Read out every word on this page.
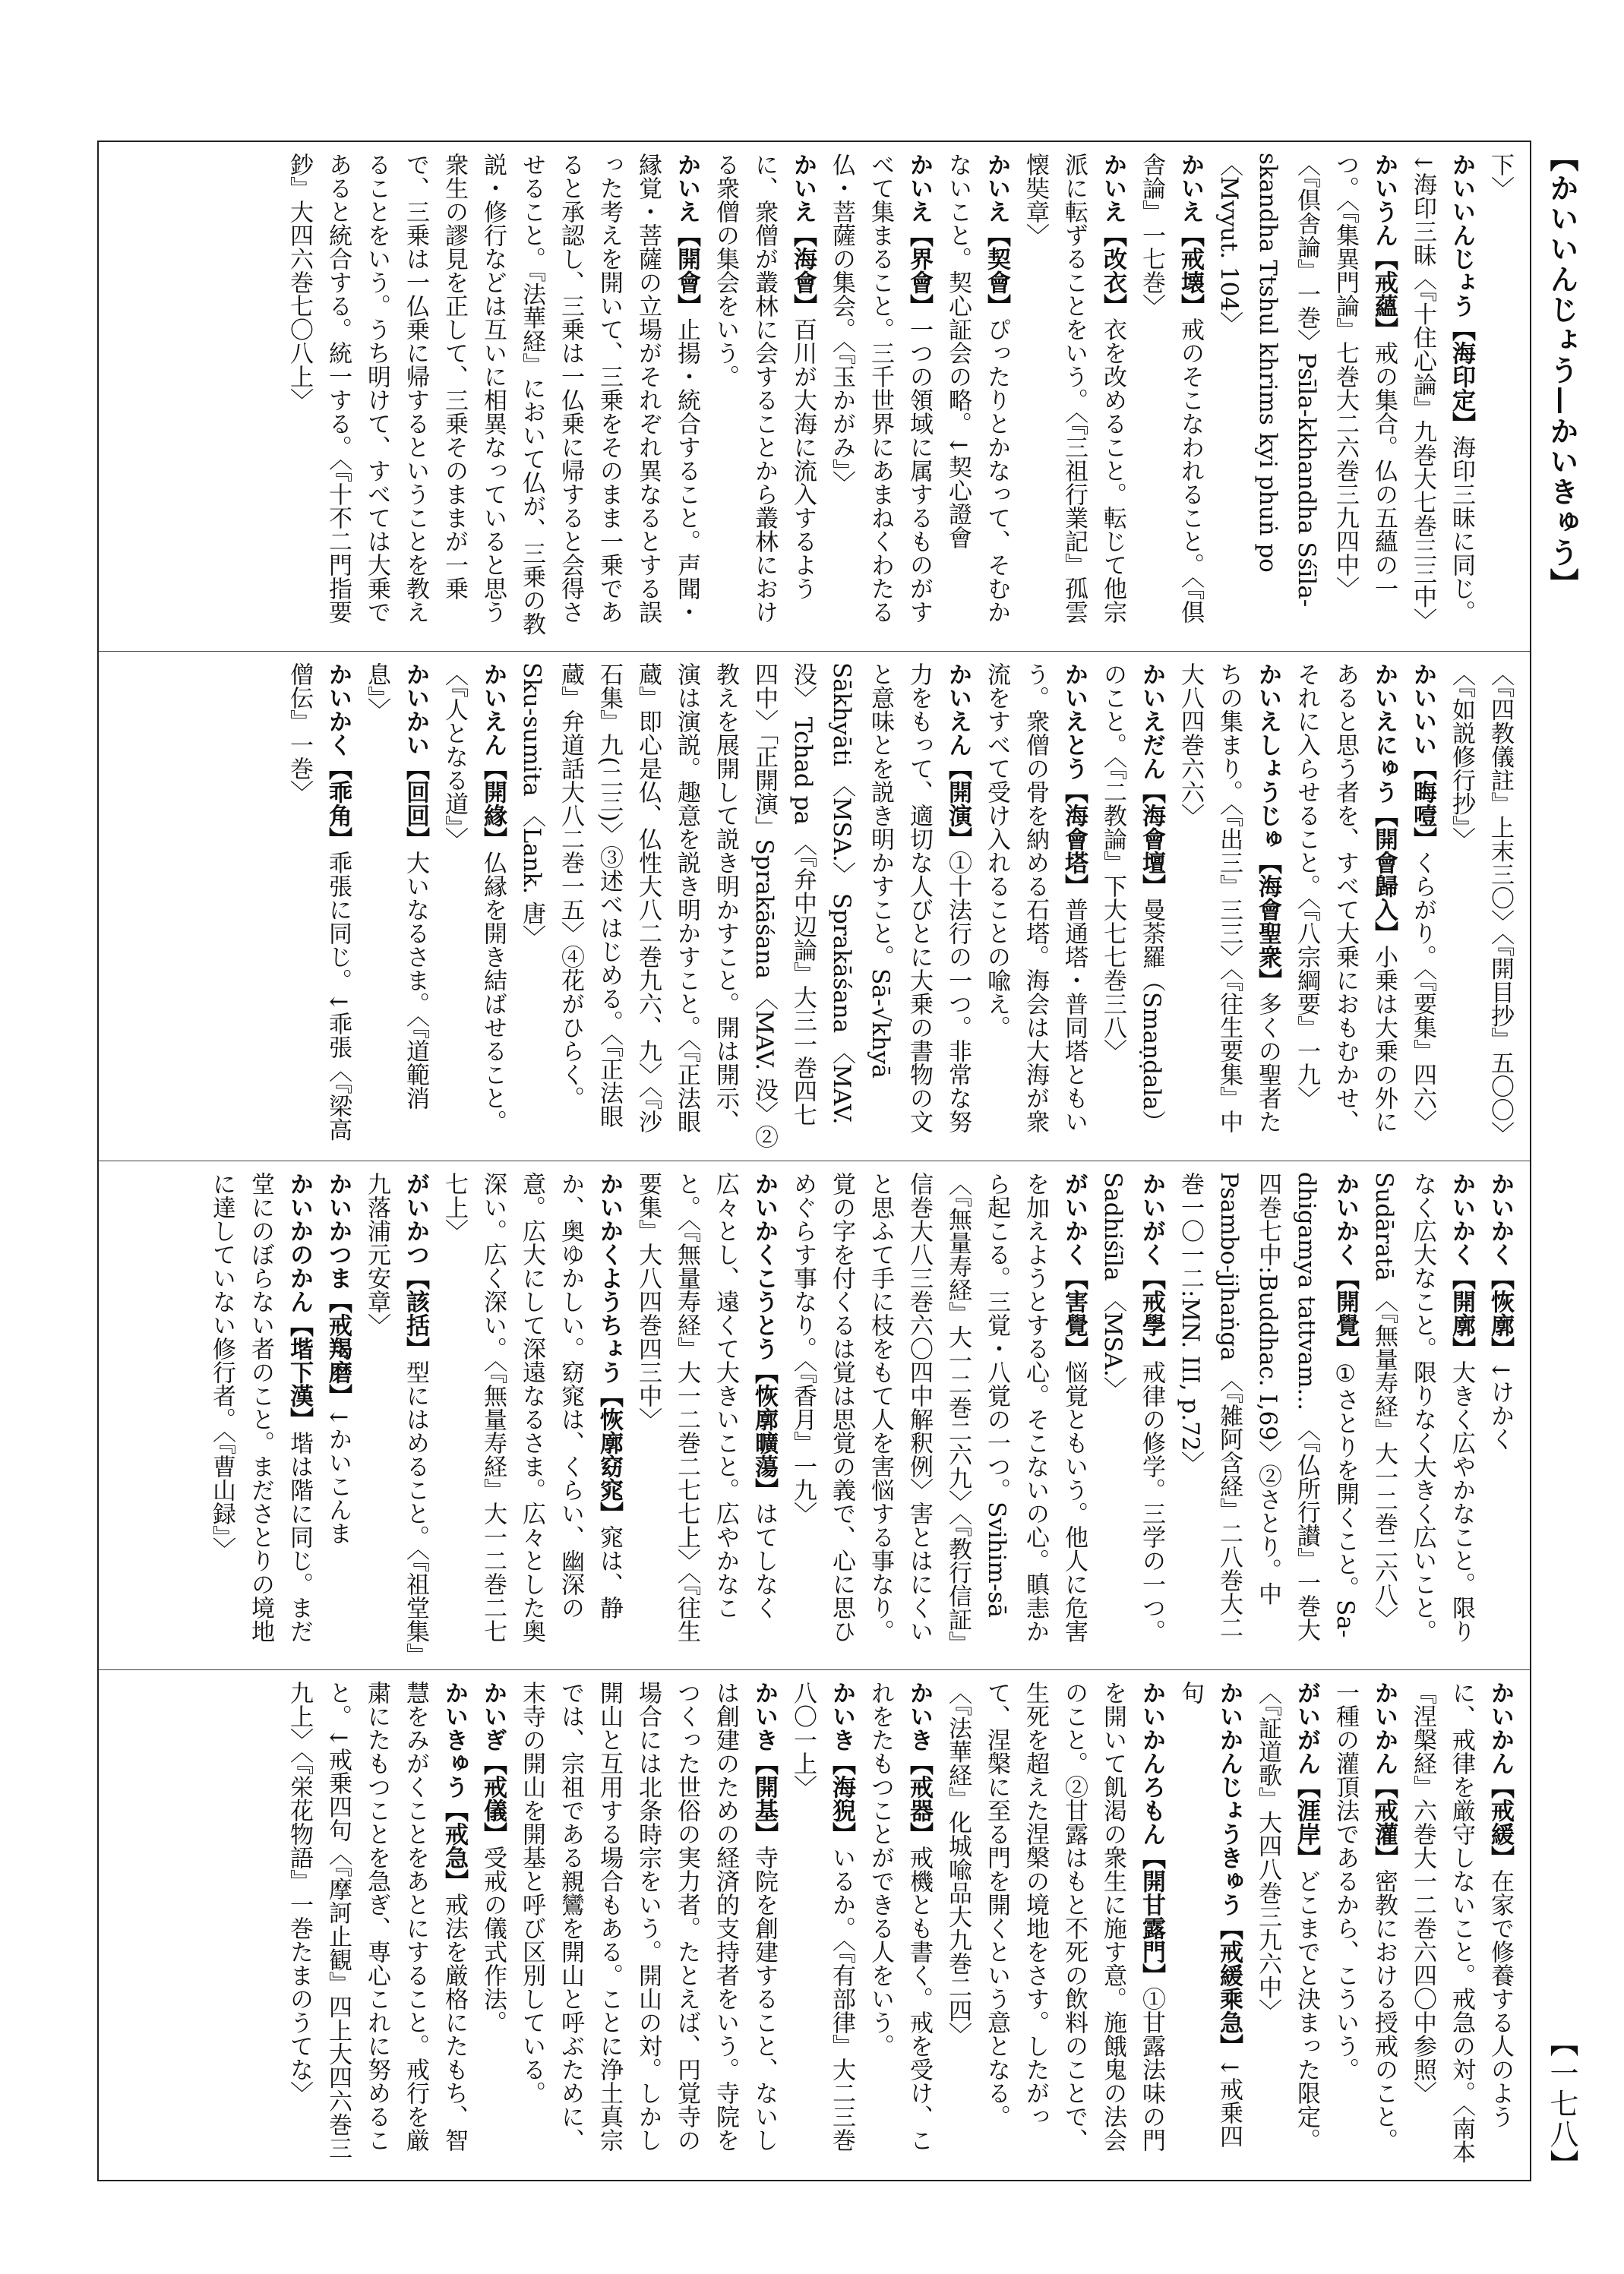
【かいいんじょう—かいきゅう】
【一七八】
下〉
かいいんじょう【海印定】海印三昧に同じ。↓海印三昧〈『十住心論』九巻大七巻三三中〉
かいうん【戒蘊】戒の集合。仏の五蘊の一つ。〈『集異門論』七巻大二六巻三九四中〉〈『倶舎論』一巻〉Psīla-kkhandha Sśīla-skandha Ttshul khrims kyi phuṅ po 〈Mvyut. 104〉
かいえ【戒壊】戒のそこなわれること。〈『倶舎論』一七巻〉
かいえ【改衣】衣を改めること。転じて他宗派に転ずることをいう。〈『三祖行業記』孤雲懐奘章〉
かいえ【契會】ぴったりとかなって、そむかないこと。契心証会の略。↓契心證會
かいえ【界會】一つの領域に属するものがすべて集まること。三千世界にあまねくわたる仏・菩薩の集会。〈『玉かがみ』〉
かいえ【海會】百川が大海に流入するように、衆僧が叢林に会することから叢林における衆僧の集会をいう。
かいえ【開會】止揚・統合すること。声聞・縁覚・菩薩の立場がそれぞれ異なるとする誤った考えを開いて、三乗をそのまま一乗であると承認し、三乗は一仏乗に帰すると会得させること。『法華経』において仏が、三乗の教説・修行などは互いに相異なっていると思う衆生の謬見を正して、三乗そのままが一乗で、三乗は一仏乗に帰するということを教えることをいう。うち明けて、すべては大乗であると統合する。統一する。〈『十不二門指要鈔』大四六巻七〇八上〉
〈『四教儀註』上末三〇〉〈『開目抄』五〇〇〉〈『如説修行抄』〉
かいいい【晦噎】くらがり。〈『要集』四六〉
かいえにゅう【開會歸入】小乗は大乗の外にあると思う者を、すべて大乗におもむかせ、それに入らせること。〈『八宗綱要』一九〉
かいえしょうじゅ【海會聖衆】多くの聖者たちの集まり。〈『出三』三三〉〈『往生要集』中大八四巻六六〉
かいえだん【海會壇】曼荼羅（Smaṇḍala）のこと。〈『二教論』下大七七巻三八〉
かいえとう【海會塔】普通塔・普同塔ともいう。衆僧の骨を納める石塔。海会は大海が衆流をすべて受け入れることの喩え。
かいえん【開演】①十法行の一つ。非常な努力をもって、適切な人びとに大乗の書物の文と意味とを説き明かすこと。Sā-√khyā Sākhyāti 〈MSA.〉 Sprakāśana 〈MAV. 没〉 Tchad pa 〈『弁中辺論』大三一巻四七四中〉「正開演」Sprakāśana 〈MAV. 没〉②教えを展開して説き明かすこと。開は開示、演は演説。趣意を説き明かすこと。〈『正法眼蔵』即心是仏、仏性大八二巻九六、九〉〈『沙石集』九(二三)〉③述べはじめる。〈『正法眼蔵』弁道話大八二巻一五〉④花がひらく。Sku-sumita 〈Lank. 唐〉
かいえん【開緣】仏縁を開き結ばせること。〈『人となる道』〉
かいかい【回回】大いなるさま。〈『道範消息』〉
かいかく【乖角】乖張に同じ。↓乖張〈『梁高僧伝』一巻〉
かいかく【恢廓】↓けかく
かいかく【開廓】大きく広やかなこと。限りなく広大なこと。限りなく大きく広いこと。Sudāratā 〈『無量寿経』大一二巻二六八〉
かいかく【開覺】①さとりを開くこと。Sa-dhigamya tattvam... 〈『仏所行讃』一巻大四巻七中:Buddhac. I,69〉②さとり。中Psambo-jjhaṅga 〈『雑阿含経』二八巻大二巻一〇一二:MN. III, p.72〉
かいがく【戒學】戒律の修学。三学の一つ。Sadhiśīla 〈MSA.〉
がいかく【害覺】悩覚ともいう。他人に危害を加えようとする心。そこないの心。瞋恚から起こる。三覚・八覚の一つ。Svihim-sā 〈『無量寿経』大一二巻二六九〉〈『教行信証』信巻大八三巻六〇四中解釈例〉害とはにくいと思ふて手に枝をもて人を害悩する事なり。覚の字を付くるは覚は思覚の義で、心に思ひめぐらす事なり。〈『香月』一九〉
かいかくこうとう【恢廓曠蕩】はてしなく広々とし、遠くて大きいこと。広やかなこと。〈『無量寿経』大一二巻二七七上〉〈『往生要集』大八四巻四三中〉
かいかくようちょう【恢廓窈窕】窕は、静か、奥ゆかしい。窈窕は、くらい、幽深の意。広大にして深遠なるさま。広々とした奥深い。広く深い。〈『無量寿経』大一二巻二七七上〉
がいかつ【該括】型にはめること。〈『祖堂集』九落浦元安章〉
かいかつま【戒羯磨】↓かいこんま
かいかのかん【堦下漢】堦は階に同じ。まだ堂にのぼらない者のこと。まださとりの境地に達していない修行者。〈『曹山録』〉
かいかん【戒緩】在家で修養する人のように、戒律を厳守しないこと。戒急の対。〈南本『涅槃経』六巻大一二巻六四〇中参照〉
かいかん【戒灌】密教における授戒のこと。一種の灌頂法であるから、こういう。
がいがん【涯岸】どこまでと決まった限定。〈『証道歌』大四八巻三九六中〉
かいかんじょうきゅう【戒緩乘急】↓戒乗四句
かいかんろもん【開甘露門】①甘露法味の門を開いて飢渇の衆生に施す意。施餓鬼の法会のこと。②甘露はもと不死の飲料のことで、生死を超えた涅槃の境地をさす。したがって、涅槃に至る門を開くという意となる。〈『法華経』化城喩品大九巻二四〉
かいき【戒器】戒機とも書く。戒を受け、これをたもつことができる人をいう。
かいき【海猊】いるか。〈『有部律』大二三巻八〇一上〉
かいき【開基】寺院を創建すること、ないしは創建のための経済的支持者をいう。寺院をつくった世俗の実力者。たとえば、円覚寺の場合には北条時宗をいう。開山の対。しかし開山と互用する場合もある。ことに浄土真宗では、宗祖である親鸞を開山と呼ぶために、末寺の開山を開基と呼び区別している。
かいぎ【戒儀】受戒の儀式作法。
かいきゅう【戒急】戒法を厳格にたもち、智慧をみがくことをあとにすること。戒行を厳粛にたもつことを急ぎ、専心これに努めること。↓戒乗四句〈『摩訶止観』四上大四六巻三九上〉〈『栄花物語』一巻たまのうてな〉
